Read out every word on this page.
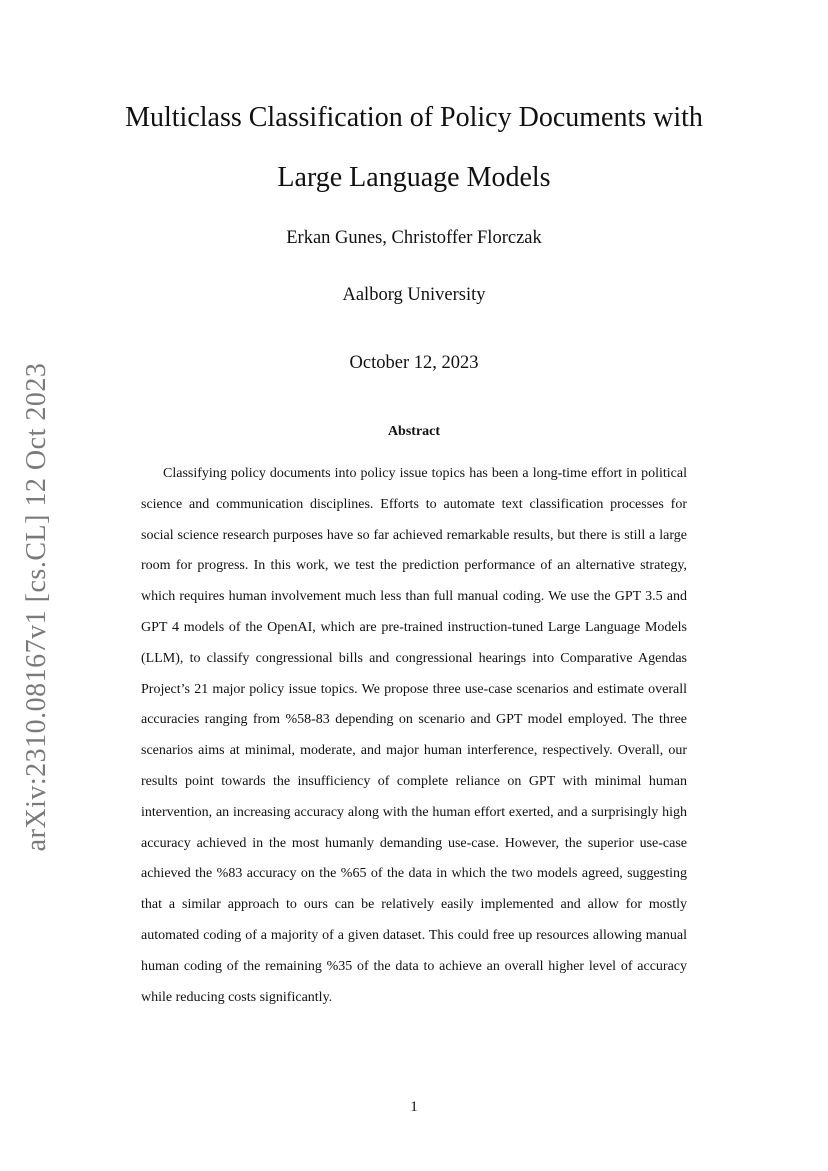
arXiv:2310.08167v1 [cs.CL] 12 Oct 2023
Multiclass Classification of Policy Documents with Large Language Models
Erkan Gunes, Christoffer Florczak
Aalborg University
October 12, 2023
Abstract

Classifying policy documents into policy issue topics has been a long-time effort in political science and communication disciplines. Efforts to automate text classification processes for social science research purposes have so far achieved remarkable results, but there is still a large room for progress. In this work, we test the prediction performance of an alternative strategy, which requires human involvement much less than full manual coding. We use the GPT 3.5 and GPT 4 models of the OpenAI, which are pre-trained instruction-tuned Large Language Models (LLM), to classify congressional bills and congressional hearings into Comparative Agendas Project’s 21 major policy issue topics. We propose three use-case scenarios and estimate overall accuracies ranging from %58-83 depending on scenario and GPT model employed. The three scenarios aims at minimal, moderate, and major human interference, respectively. Overall, our results point towards the insufficiency of complete reliance on GPT with minimal human intervention, an increasing accuracy along with the human effort exerted, and a surprisingly high accuracy achieved in the most humanly demanding use-case. However, the superior use-case achieved the %83 accuracy on the %65 of the data in which the two models agreed, suggesting that a similar approach to ours can be relatively easily implemented and allow for mostly automated coding of a majority of a given dataset. This could free up resources allowing manual human coding of the remaining %35 of the data to achieve an overall higher level of accuracy while reducing costs significantly.

1
